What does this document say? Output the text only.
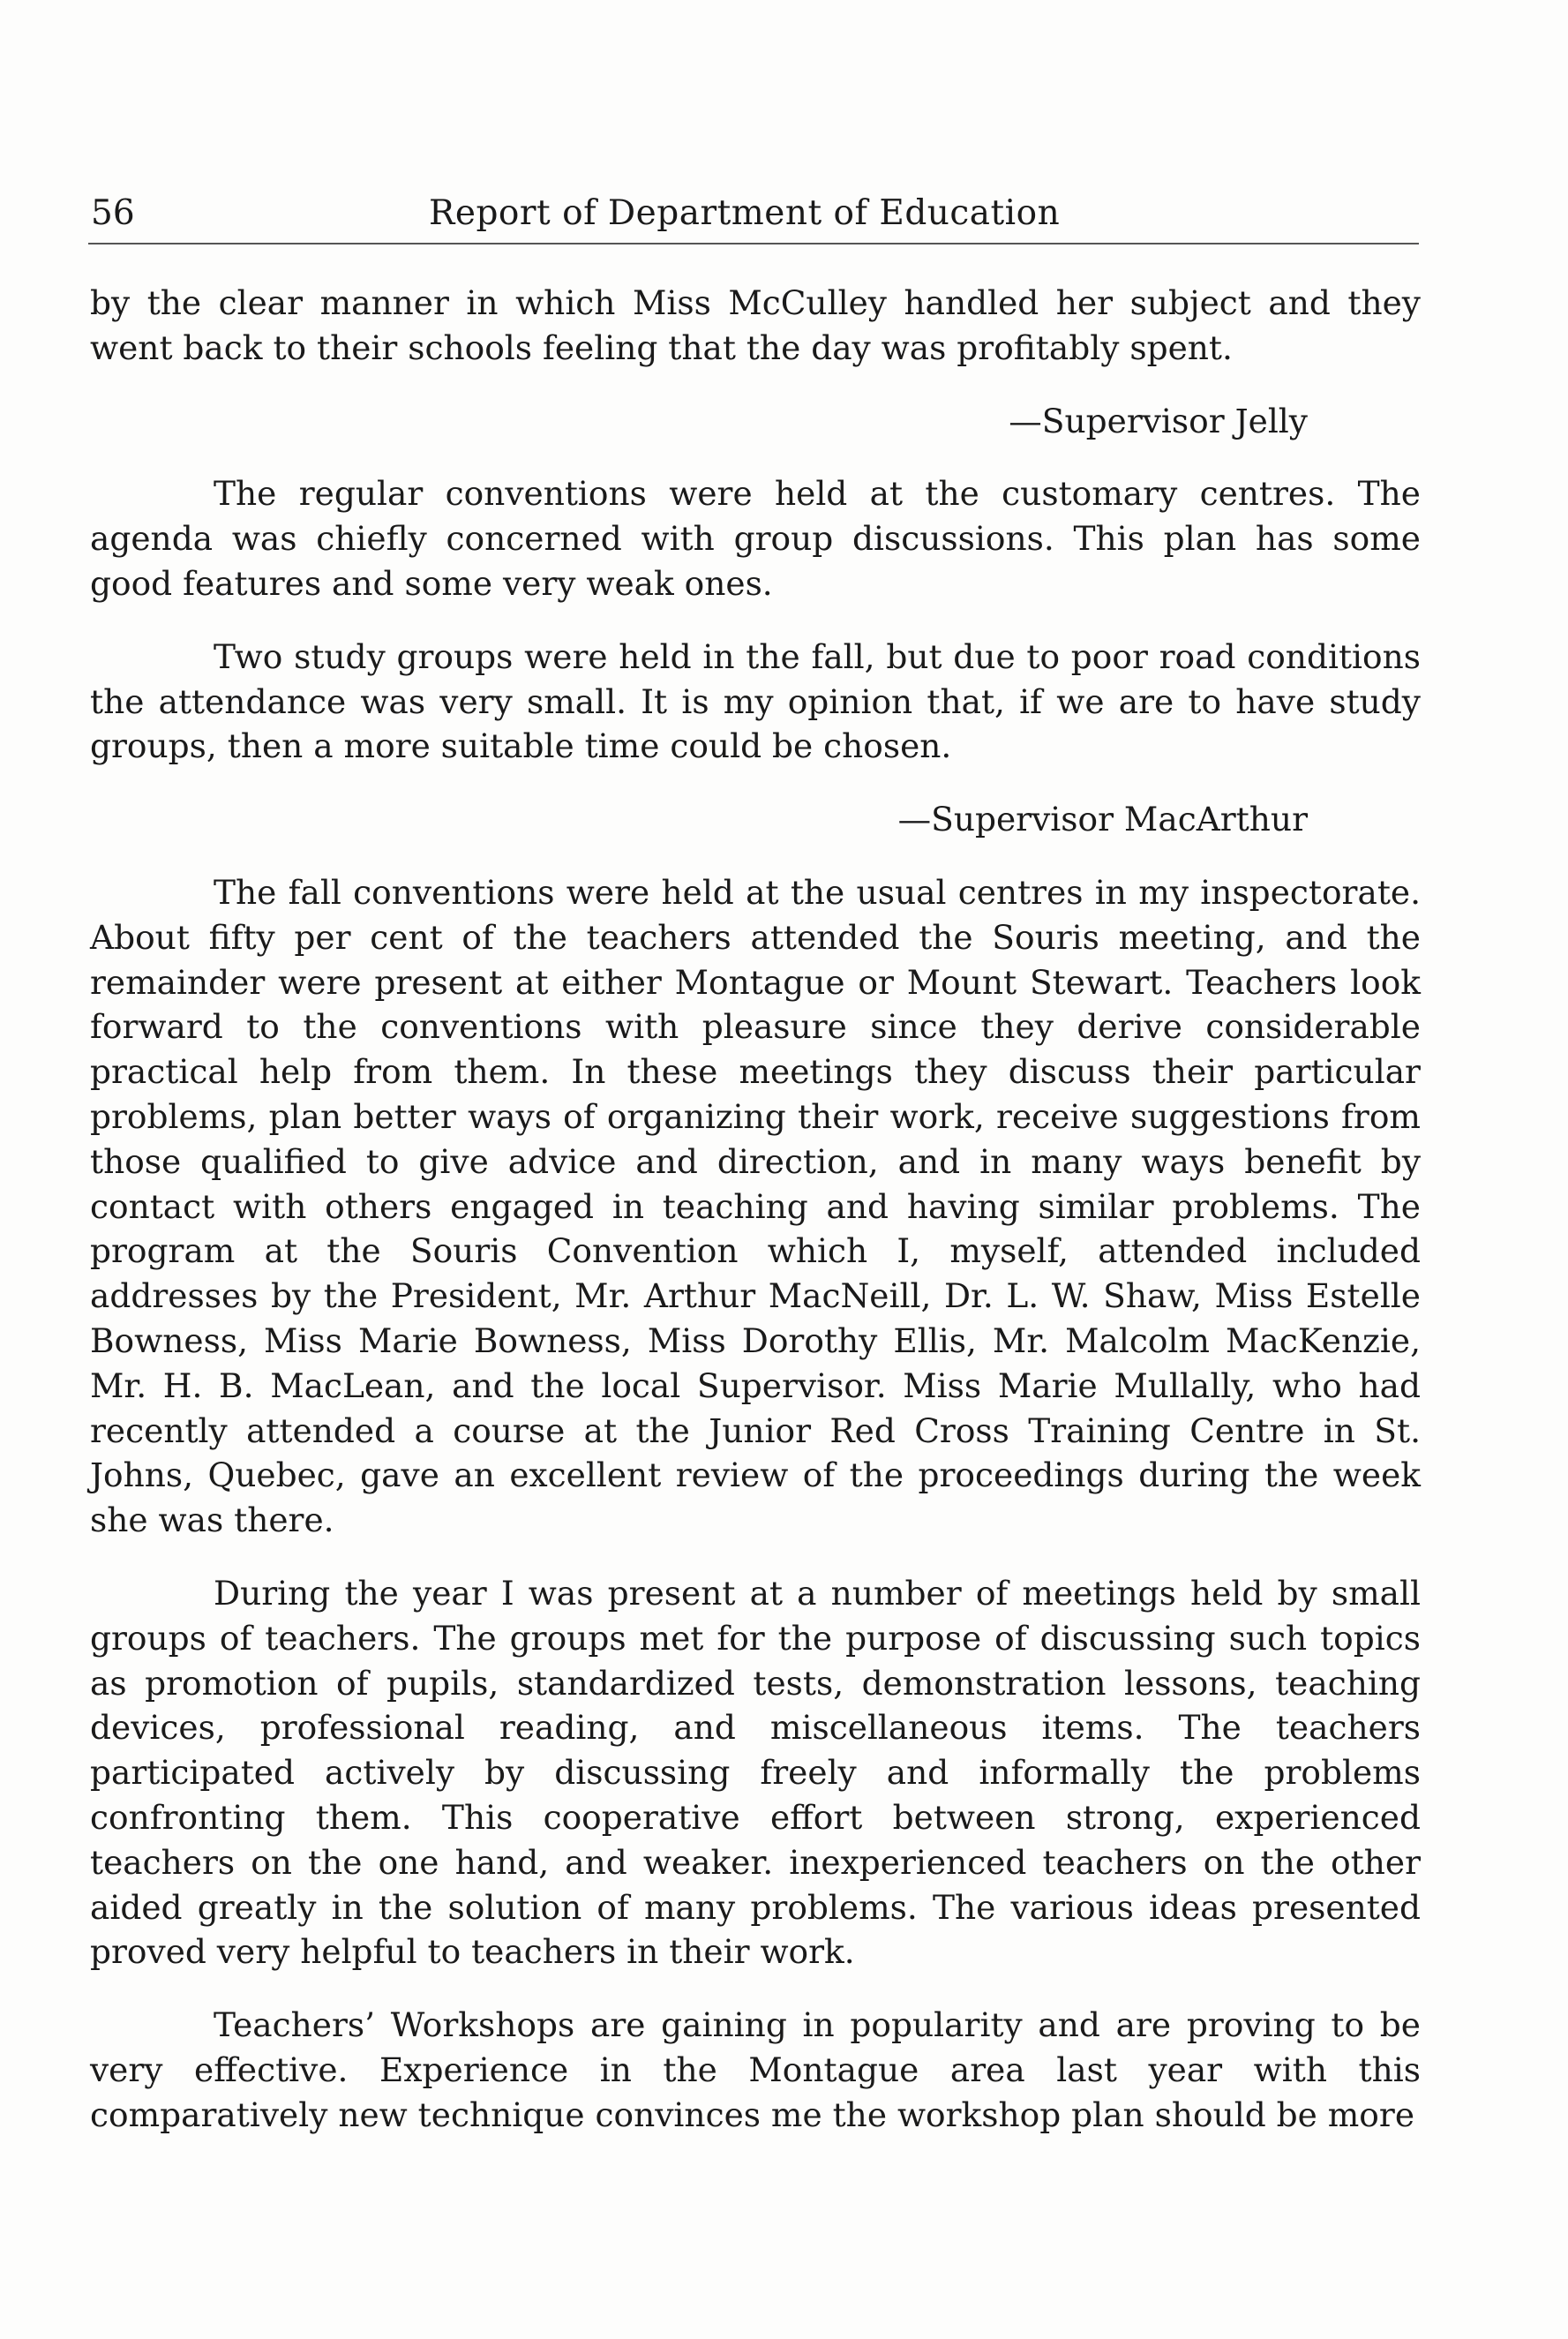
56	Report of Department of Education

by the clear manner in which Miss McCulley handled her subject and they went back to their schools feeling that the day was profitably spent.

—Supervisor Jelly

The regular conventions were held at the customary centres. The agenda was chiefly concerned with group discussions. This plan has some good features and some very weak ones.

Two study groups were held in the fall, but due to poor road conditions the attendance was very small. It is my opinion that, if we are to have study groups, then a more suitable time could be chosen.

—Supervisor MacArthur

The fall conventions were held at the usual centres in my inspectorate. About fifty per cent of the teachers attended the Souris meeting, and the remainder were present at either Montague or Mount Stewart. Teachers look forward to the conventions with pleasure since they derive considerable practical help from them. In these meetings they discuss their particular problems, plan better ways of organizing their work, receive suggestions from those qualified to give advice and direction, and in many ways benefit by contact with others engaged in teaching and having similar problems. The program at the Souris Convention which I, myself, attended included addresses by the President, Mr. Arthur MacNeill, Dr. L. W. Shaw, Miss Estelle Bowness, Miss Marie Bowness, Miss Dorothy Ellis, Mr. Malcolm MacKenzie, Mr. H. B. MacLean, and the local Supervisor. Miss Marie Mullally, who had recently attended a course at the Junior Red Cross Training Centre in St. Johns, Quebec, gave an excellent review of the proceedings during the week she was there.

During the year I was present at a number of meetings held by small groups of teachers. The groups met for the purpose of discussing such topics as promotion of pupils, standardized tests, demonstration lessons, teaching devices, professional reading, and miscellaneous items. The teachers participated actively by discussing freely and informally the problems confronting them. This cooperative effort between strong, experienced teachers on the one hand, and weaker. inexperienced teachers on the other aided greatly in the solution of many problems. The various ideas presented proved very helpful to teachers in their work.

Teachers’ Workshops are gaining in popularity and are proving to be very effective. Experience in the Montague area last year with this comparatively new technique convinces me the workshop plan should be more
